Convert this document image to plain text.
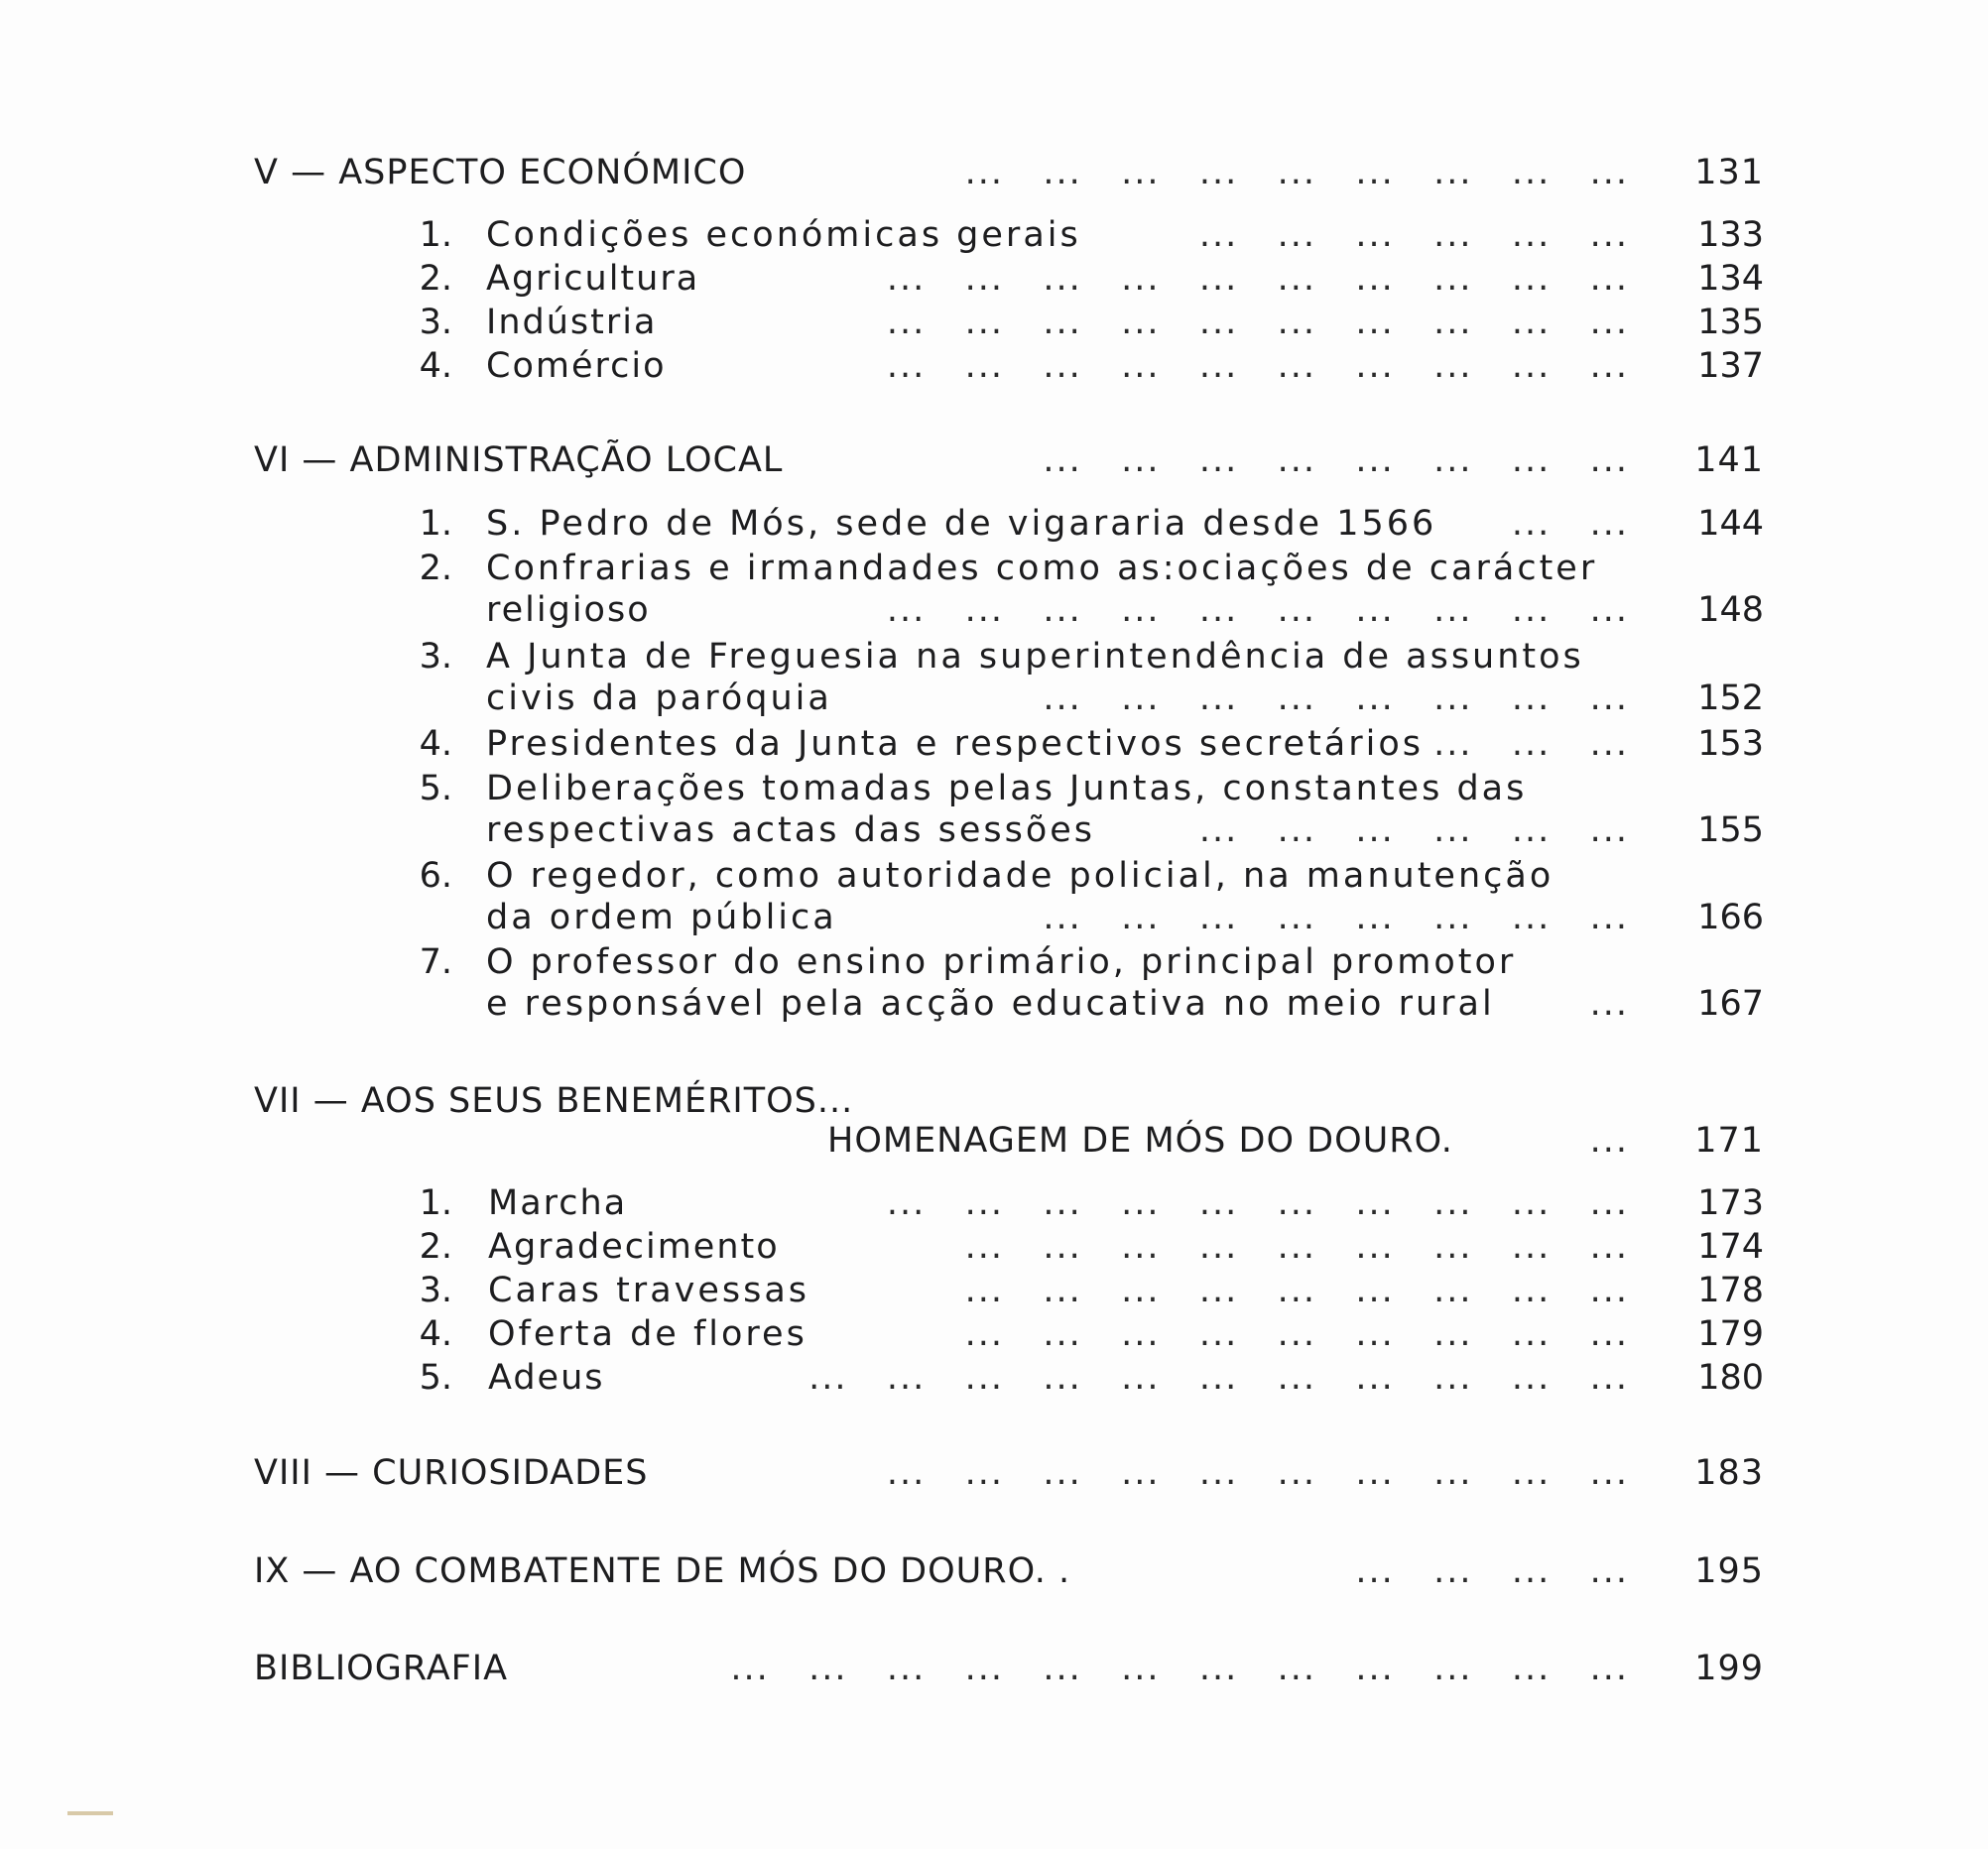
V — ASPECTO ECONÓMICO	...   ...   ...   ...   ...   ...   ...   ...   ... 131
1. Condições económicas gerais	...   ...   ...   ...   ...   ... 133
2. Agricultura	...   ...   ...   ...   ...   ...   ...   ...   ...   ... 134
3. Indústria	...   ...   ...   ...   ...   ...   ...   ...   ...   ... 135
4. Comércio	...   ...   ...   ...   ...   ...   ...   ...   ...   ... 137
VI — ADMINISTRAÇÃO LOCAL	...   ...   ...   ...   ...   ...   ...   ... 141
1. S. Pedro de Mós, sede de vigararia desde 1566 ...   ... 144
2. Confrarias e irmandades como as:ociações de carácter
religioso	...   ...   ...   ...   ...   ...   ...   ...   ...   ... 148
3. A Junta de Freguesia na superintendência de assuntos
civis da paróquia	...   ...   ...   ...   ...   ...   ...   ... 152
4. Presidentes da Junta e respectivos secretários ...   ...   ... 153
5. Deliberações tomadas pelas Juntas, constantes das
respectivas actas das sessões	...   ...   ...   ...   ...   ... 155
6. O regedor, como autoridade policial, na manutenção
da ordem pública	...   ...   ...   ...   ...   ...   ...   ... 166
7. O professor do ensino primário, principal promotor
e responsável pela acção educativa no meio rural	... 167
VII — AOS SEUS BENEMÉRITOS...
HOMENAGEM DE MÓS DO DOURO.	... 171
1. Marcha	...   ...   ...   ...   ...   ...   ...   ...   ...   ... 173
2. Agradecimento	...   ...   ...   ...   ...   ...   ...   ...   ... 174
3. Caras travessas	...   ...   ...   ...   ...   ...   ...   ...   ... 178
4. Oferta de flores	...   ...   ...   ...   ...   ...   ...   ...   ... 179
5. Adeus	...   ...   ...   ...   ...   ...   ...   ...   ...   ...   ... 180
VIII — CURIOSIDADES	...   ...   ...   ...   ...   ...   ...   ...   ...   ... 183
IX — AO COMBATENTE DE MÓS DO DOURO. .	...   ...   ...   ... 195
BIBLIOGRAFIA	...   ...   ...   ...   ...   ...   ...   ...   ...   ...   ...   ... 199
